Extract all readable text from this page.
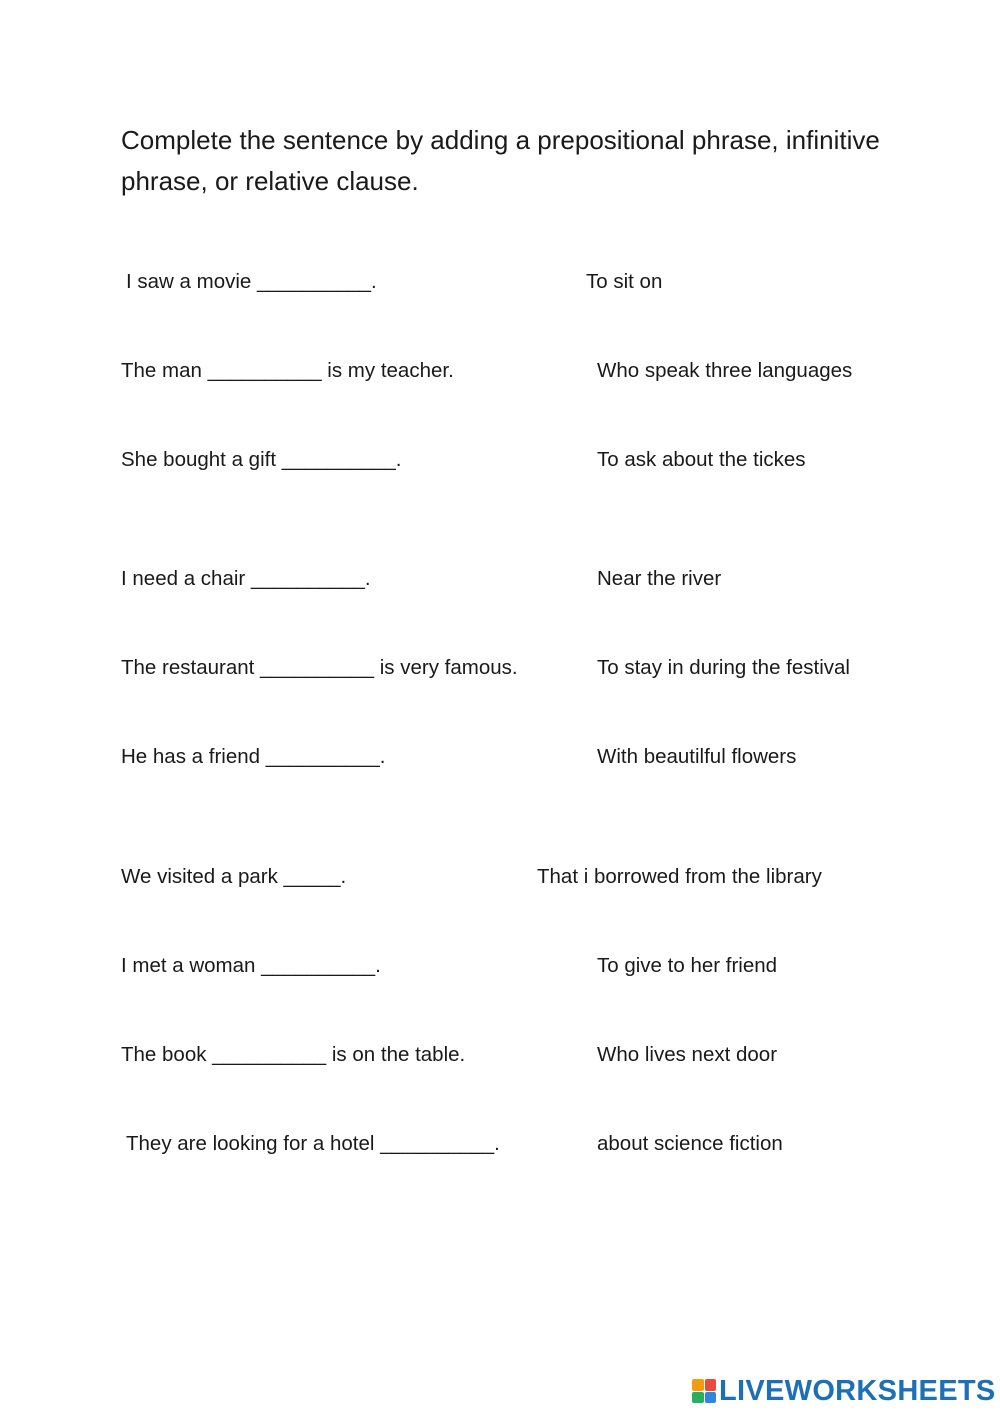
Complete the sentence by adding a prepositional phrase, infinitive phrase, or relative clause.
I saw a movie __________.
The man __________ is my teacher.
She bought a gift __________.
I need a chair __________.
The restaurant __________ is very famous.
He has a friend __________.
We visited a park _____.
I met a woman __________.
The book __________ is on the table.
They are looking for a hotel __________.
To sit on
Who speak three languages
To ask about the tickes
Near the river
To stay in during the festival
With beautilful flowers
That i borrowed from the library
To give to her friend
Who lives next door
about science fiction
LIVEWORKSHEETS
